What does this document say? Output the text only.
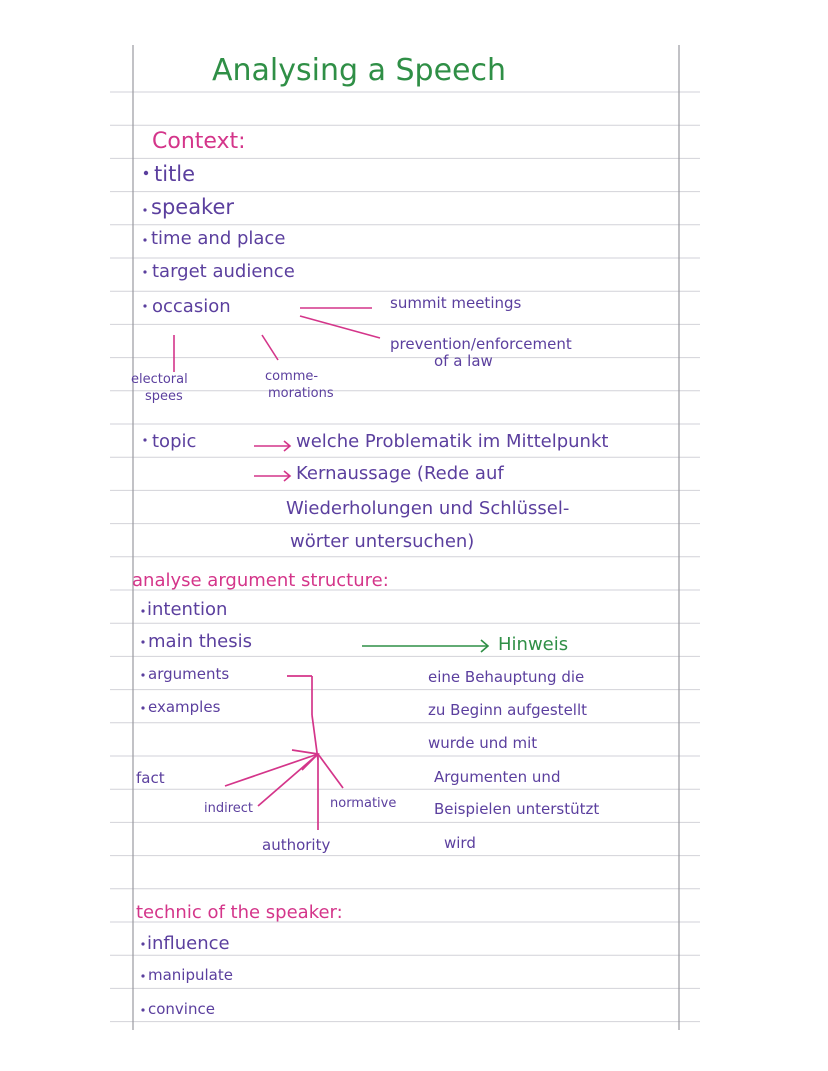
Analysing a Speech
Context:
title
speaker
time and place
target audience
occasion	summit meetings
prevention/enforcement
of a law
electoral
spees
comme-
morations
topic	welche Problematik im Mittelpunkt
Kernaussage (Rede auf
Wiederholungen und Schlüssel-
wörter untersuchen)
analyse argument structure:
intention
main thesis
arguments
examples
Hinweis
eine Behauptung die
zu Beginn aufgestellt
wurde und mit
Argumenten und
Beispielen unterstützt
wird
fact
indirect	normative
authority
technic of the speaker:
influence
manipulate
convince
